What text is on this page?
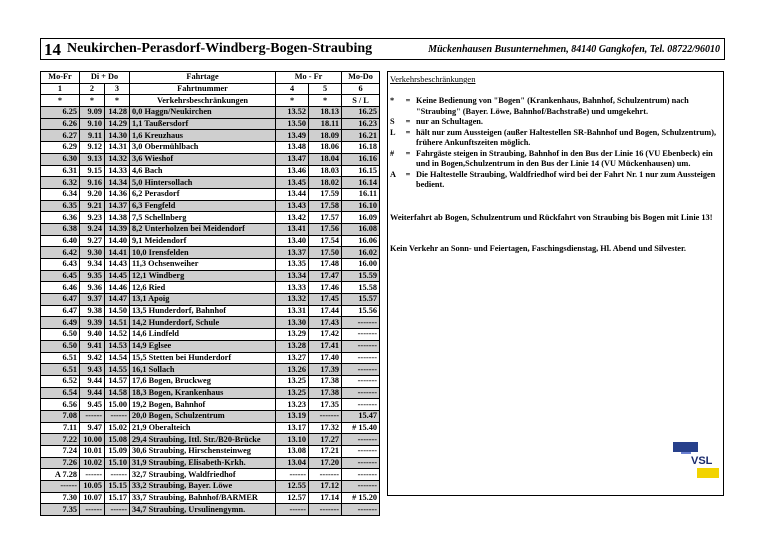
14 Neukirchen-Perasdorf-Windberg-Bogen-Straubing	Mückenhausen Busunternehmen, 84140 Gangkofen, Tel. 08722/96010
Mo-Fr	Di + Do		Fahrtage	Mo - Fr		Mo-Do
1	2	3	Fahrtnummer	4	5	6
*	*	*	Verkehrsbeschränkungen	*	*	S / L
6.25	9.09	14.28	0,0 Haggn/Neukirchen	13.52	18.13	16.25
6.26	9.10	14.29	1,1 Taußersdorf	13.50	18.11	16.23
6.27	9.11	14.30	1,6 Kreuzhaus	13.49	18.09	16.21
6.29	9.12	14.31	3,0 Obermühlbach	13.48	18.06	16.18
6.30	9.13	14.32	3,6 Wieshof	13.47	18.04	16.16
6.31	9.15	14.33	4,6 Bach	13.46	18.03	16.15
6.32	9.16	14.34	5,0 Hintersollach	13.45	18.02	16.14
6.34	9.20	14.36	6,2 Perasdorf	13.44	17.59	16.11
6.35	9.21	14.37	6,3 Fengfeld	13.43	17.58	16.10
6.36	9.23	14.38	7,5 Schellnberg	13.42	17.57	16.09
6.38	9.24	14.39	8,2 Unterholzen bei Meidendorf	13.41	17.56	16.08
6.40	9.27	14.40	9,1 Meidendorf	13.40	17.54	16.06
6.42	9.30	14.41	10,0 Irensfelden	13.37	17.50	16.02
6.43	9.34	14.43	11,3 Ochsenweiher	13.35	17.48	16.00
6.45	9.35	14.45	12,1 Windberg	13.34	17.47	15.59
6.46	9.36	14.46	12,6 Ried	13.33	17.46	15.58
6.47	9.37	14.47	13,1 Apoig	13.32	17.45	15.57
6.47	9.38	14.50	13,5 Hunderdorf, Bahnhof	13.31	17.44	15.56
6.49	9.39	14.51	14,2 Hunderdorf, Schule	13.30	17.43	-------
6.50	9.40	14.52	14,6 Lindfeld	13.29	17.42	-------
6.50	9.41	14.53	14,9 Eglsee	13.28	17.41	-------
6.51	9.42	14.54	15,5 Stetten bei Hunderdorf	13.27	17.40	-------
6.51	9.43	14.55	16,1 Sollach	13.26	17.39	-------
6.52	9.44	14.57	17,6 Bogen, Bruckweg	13.25	17.38	-------
6.54	9.44	14.58	18,3 Bogen, Krankenhaus	13.25	17.38	-------
6.56	9.45	15.00	19,2 Bogen, Bahnhof	13.23	17.35	-------
7.08	------	------	20,0 Bogen, Schulzentrum	13.19	-------	15.47
7.11	9.47	15.02	21,9 Oberalteich	13.17	17.32	# 15.40
7.22	10.00	15.08	29,4 Straubing, Ittl. Str./B20-Brücke	13.10	17.27	-------
7.24	10.01	15.09	30,6 Straubing, Hirschensteinweg	13.08	17.21	-------
7.26	10.02	15.10	31,9 Straubing, Elisabeth-Krkh.	13.04	17.20	-------
A 7.28	------	------	32,7 Straubing, Waldfriedhof	------	-------	-------
------	10.05	15.15	33,2 Straubing, Bayer. Löwe	12.55	17.12	-------
7.30	10.07	15.17	33,7 Straubing, Bahnhof/BARMER	12.57	17.14	# 15.20
7.35	------	------	34,7 Straubing, Ursulinengymn.	------	-------	-------
Verkehrsbeschränkungen
*	= Keine Bedienung von "Bogen" (Krankenhaus, Bahnhof, Schulzentrum) nach "Straubing" (Bayer. Löwe, Bahnhof/Bachstraße) und umgekehrt.
S	= nur an Schultagen.
L	= hält nur zum Aussteigen (außer Haltestellen SR-Bahnhof und Bogen, Schulzentrum), frühere Ankunftszeiten möglich.
#	= Fahrgäste steigen in Straubing, Bahnhof in den Bus der Linie 16 (VU Ebenbeck) ein und in Bogen,Schulzentrum in den Bus der Linie 14 (VU Mückenhausen) um.
A	= Die Haltestelle Straubing, Waldfriedhof wird bei der Fahrt Nr. 1 nur zum Aussteigen bedient.
Weiterfahrt ab Bogen, Schulzentrum und Rückfahrt von Straubing bis Bogen mit Linie 13!
Kein Verkehr an Sonn- und Feiertagen, Faschingsdienstag, Hl. Abend und Silvester.
VSL
